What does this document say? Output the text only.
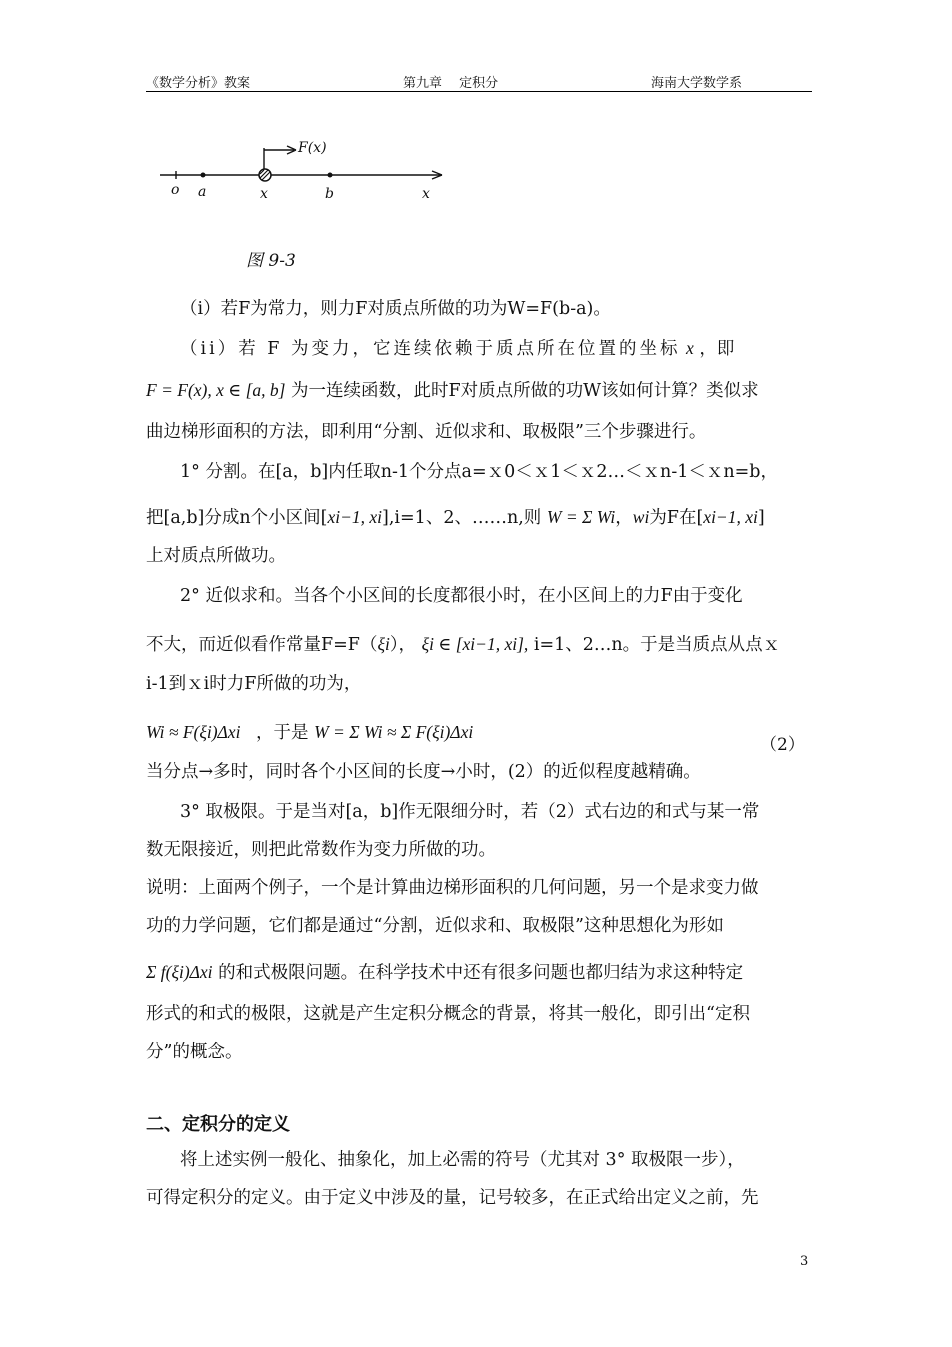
《数学分析》教案	第九章　 定积分	海南大学数学系
F(x)
o a	x	b	x
图 9-3
（i）若F为常力，则力F对质点所做的功为W=F(b-a)。
（ii）若 F 为变力，它连续依赖于质点所在位置的坐标 x ，即
F = F(x), x ∈ [a, b] 为一连续函数，此时F对质点所做的功W该如何计算？类似求
曲边梯形面积的方法，即利用“分割、近似求和、取极限”三个步骤进行。
1° 分割。在[a，b]内任取n-1个分点a=ｘ0＜ｘ1＜ｘ2…＜ｘn-1＜ｘn=b，
把[a,b]分成n个小区间[xi−1, xi],i=1、2、……n,则 W = Σ Wi，wi为F在[xi−1, xi]
上对质点所做功。
2° 近似求和。当各个小区间的长度都很小时，在小区间上的力F由于变化
不大，而近似看作常量F=F（ξi）， ξi ∈ [xi−1, xi], i=1、2…n。于是当质点从点ｘ
i-1到ｘi时力F所做的功为，
Wi ≈ F(ξi)Δxi ，于是 W = Σ Wi ≈ Σ F(ξi)Δxi
（2）
当分点→多时，同时各个小区间的长度→小时，(2）的近似程度越精确。
3° 取极限。于是当对[a，b]作无限细分时，若（2）式右边的和式与某一常
数无限接近，则把此常数作为变力所做的功。
说明：上面两个例子，一个是计算曲边梯形面积的几何问题，另一个是求变力做
功的力学问题，它们都是通过“分割，近似求和、取极限”这种思想化为形如
Σ f(ξi)Δxi 的和式极限问题。在科学技术中还有很多问题也都归结为求这种特定
形式的和式的极限，这就是产生定积分概念的背景，将其一般化，即引出“定积
分”的概念。
二、定积分的定义
将上述实例一般化、抽象化，加上必需的符号（尤其对 3° 取极限一步），
可得定积分的定义。由于定义中涉及的量，记号较多，在正式给出定义之前，先
3
